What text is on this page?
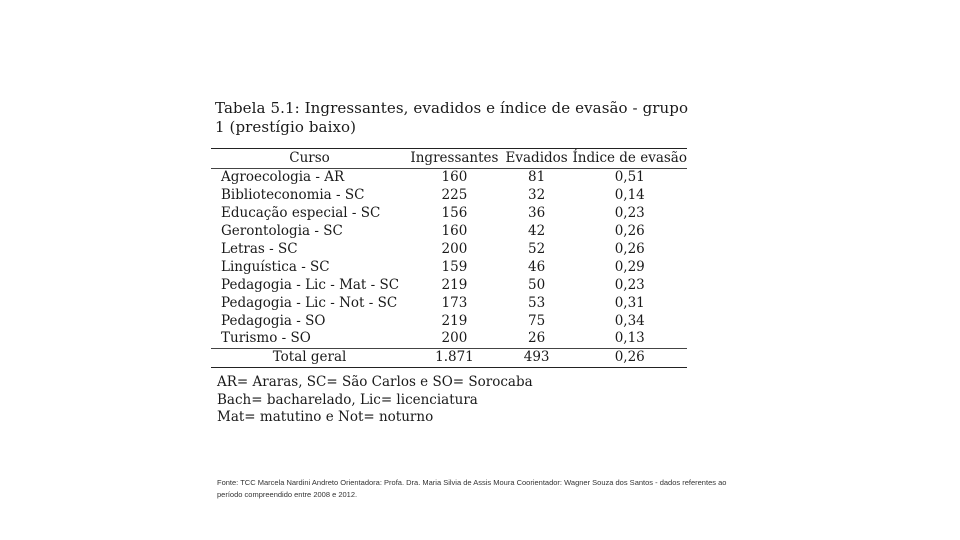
Tabela 5.1: Ingressantes, evadidos e índice de evasão - grupo 1 (prestígio baixo)
Curso	Ingressantes	Evadidos	Índice de evasão
Agroecologia - AR	160	81	0,51
Biblioteconomia - SC	225	32	0,14
Educação especial - SC	156	36	0,23
Gerontologia - SC	160	42	0,26
Letras - SC	200	52	0,26
Linguística - SC	159	46	0,29
Pedagogia - Lic - Mat - SC	219	50	0,23
Pedagogia - Lic - Not - SC	173	53	0,31
Pedagogia - SO	219	75	0,34
Turismo - SO	200	26	0,13
Total geral	1.871	493	0,26
AR= Araras, SC= São Carlos e SO= Sorocaba
Bach= bacharelado, Lic= licenciatura
Mat= matutino e Not= noturno
Fonte: TCC Marcela Nardini Andreto Orientadora: Profa. Dra. Maria Silvia de Assis Moura Coorientador: Wagner Souza dos Santos - dados referentes ao período compreendido entre 2008 e 2012.
